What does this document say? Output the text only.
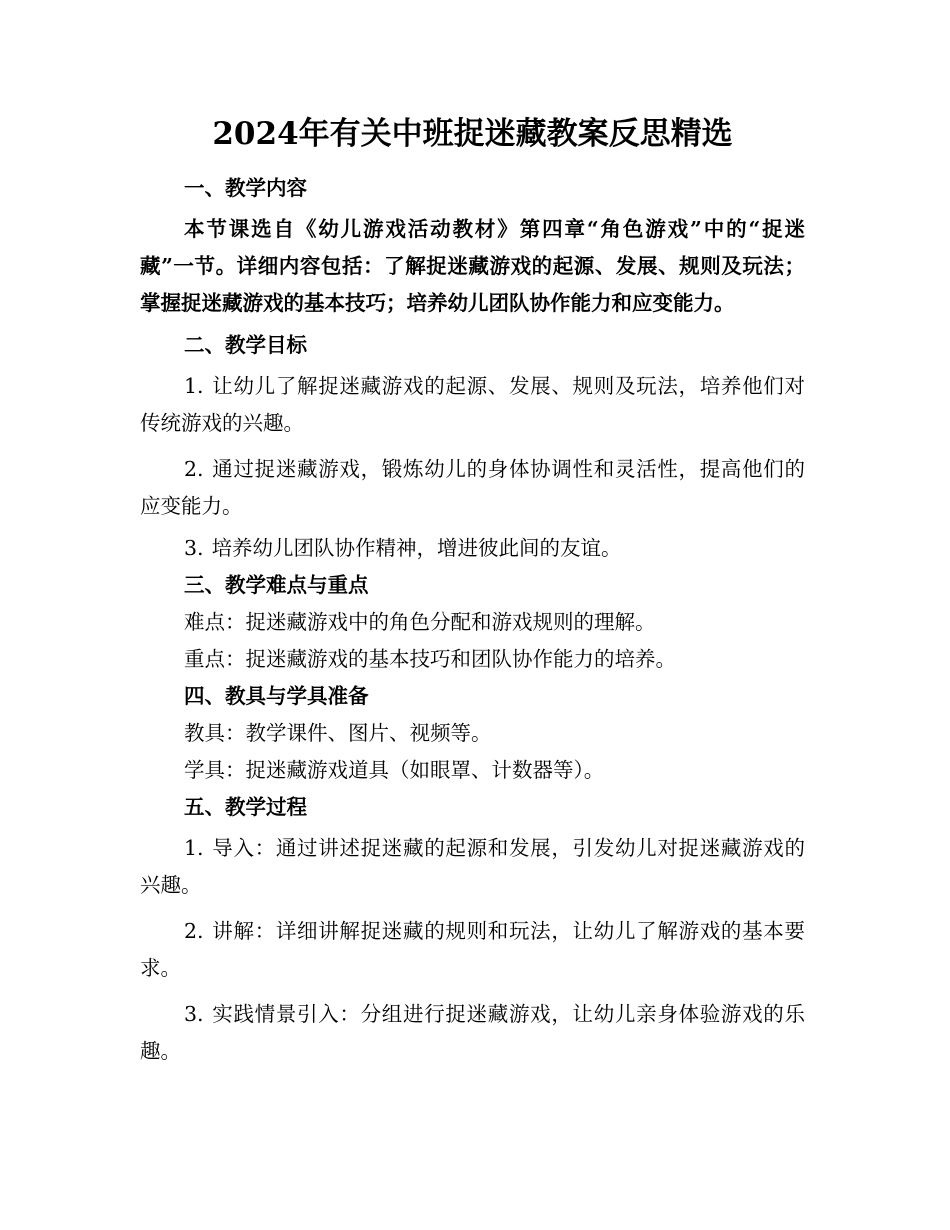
2024年有关中班捉迷藏教案反思精选
一、教学内容

本节课选自《幼儿游戏活动教材》第四章“角色游戏”中的“捉迷藏”一节。详细内容包括：了解捉迷藏游戏的起源、发展、规则及玩法；掌握捉迷藏游戏的基本技巧；培养幼儿团队协作能力和应变能力。

二、教学目标

1. 让幼儿了解捉迷藏游戏的起源、发展、规则及玩法，培养他们对传统游戏的兴趣。

2. 通过捉迷藏游戏，锻炼幼儿的身体协调性和灵活性，提高他们的应变能力。

3. 培养幼儿团队协作精神，增进彼此间的友谊。

三、教学难点与重点

难点：捉迷藏游戏中的角色分配和游戏规则的理解。

重点：捉迷藏游戏的基本技巧和团队协作能力的培养。

四、教具与学具准备

教具：教学课件、图片、视频等。

学具：捉迷藏游戏道具（如眼罩、计数器等）。

五、教学过程

1. 导入：通过讲述捉迷藏的起源和发展，引发幼儿对捉迷藏游戏的兴趣。

2. 讲解：详细讲解捉迷藏的规则和玩法，让幼儿了解游戏的基本要求。

3. 实践情景引入：分组进行捉迷藏游戏，让幼儿亲身体验游戏的乐趣。
